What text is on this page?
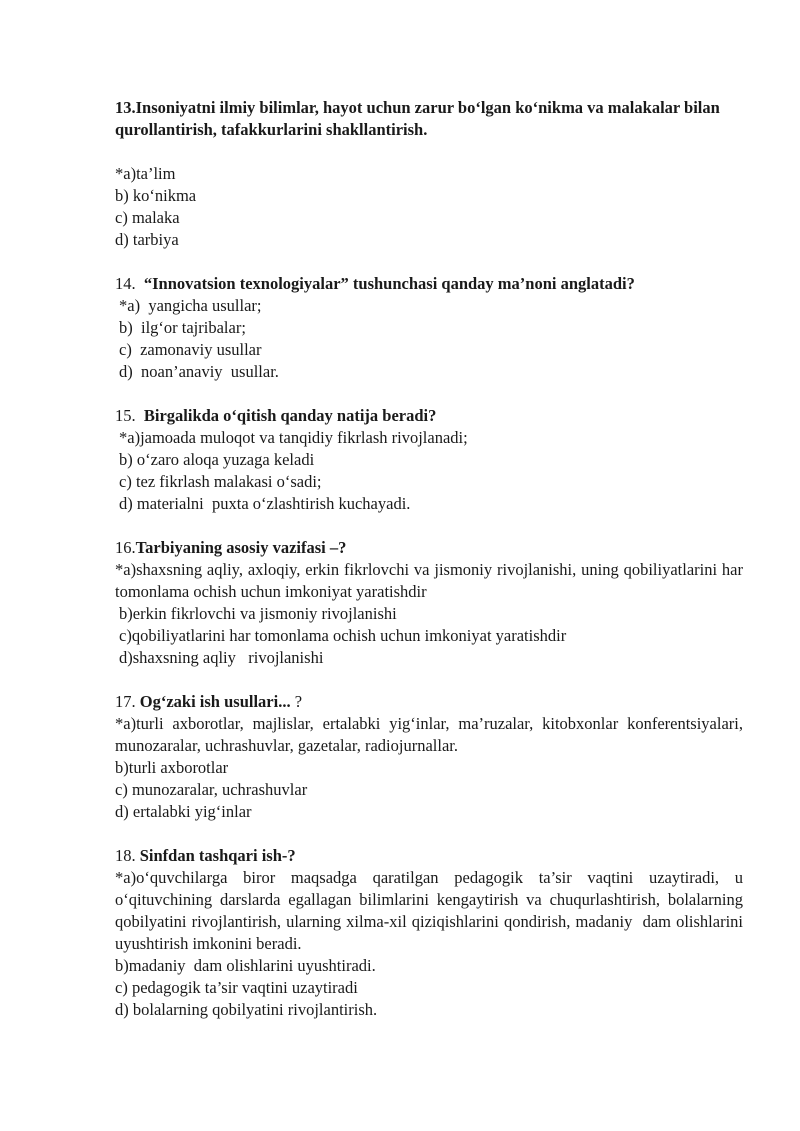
13.Insoniyatni ilmiy bilimlar, hayot uchun zarur bo‘lgan ko‘nikma va malakalar bilan qurollantirish, tafakkurlarini shakllantirish.

*a)ta’lim

b) ko‘nikma

c) malaka

d) tarbiya

14. “Innovatsion texnologiyalar” tushunchasi qanday ma’noni anglatadi?

*a)  yangicha usullar;

b)  ilg‘or tajribalar;

c)  zamonaviy usullar

d)  noan’anaviy  usullar.

15. Birgalikda o‘qitish qanday natija beradi?

*a)jamoada muloqot va tanqidiy fikrlash rivojlanadi;

b) o‘zaro aloqa yuzaga keladi

c) tez fikrlash malakasi o‘sadi;

d) materialni  puxta o‘zlashtirish kuchayadi.

16.Tarbiyaning asosiy vazifasi –?

*a)shaxsning aqliy, axloqiy, erkin fikrlovchi va jismoniy rivojlanishi, uning qobiliyatlarini har tomonlama ochish uchun imkoniyat yaratishdir

b)erkin fikrlovchi va jismoniy rivojlanishi

c)qobiliyatlarini har tomonlama ochish uchun imkoniyat yaratishdir

d)shaxsning aqliy   rivojlanishi

17. Og‘zaki ish usullari... ?

*a)turli axborotlar, majlislar, ertalabki yig‘inlar, ma’ruzalar, kitobxonlar konferentsiyalari, munozaralar, uchrashuvlar, gazetalar, radiojurnallar.

b)turli axborotlar

c) munozaralar, uchrashuvlar

d) ertalabki yig‘inlar

18. Sinfdan tashqari ish-?

*a)o‘quvchilarga biror maqsadga qaratilgan pedagogik ta’sir vaqtini uzaytiradi, u o‘qituvchining darslarda egallagan bilimlarini kengaytirish va chuqurlashtirish, bolalarning qobilyatini rivojlantirish, ularning xilma-xil qiziqishlarini qondirish, madaniy  dam olishlarini uyushtirish imkonini beradi.

b)madaniy  dam olishlarini uyushtiradi.

c) pedagogik ta’sir vaqtini uzaytiradi

d) bolalarning qobilyatini rivojlantirish.
